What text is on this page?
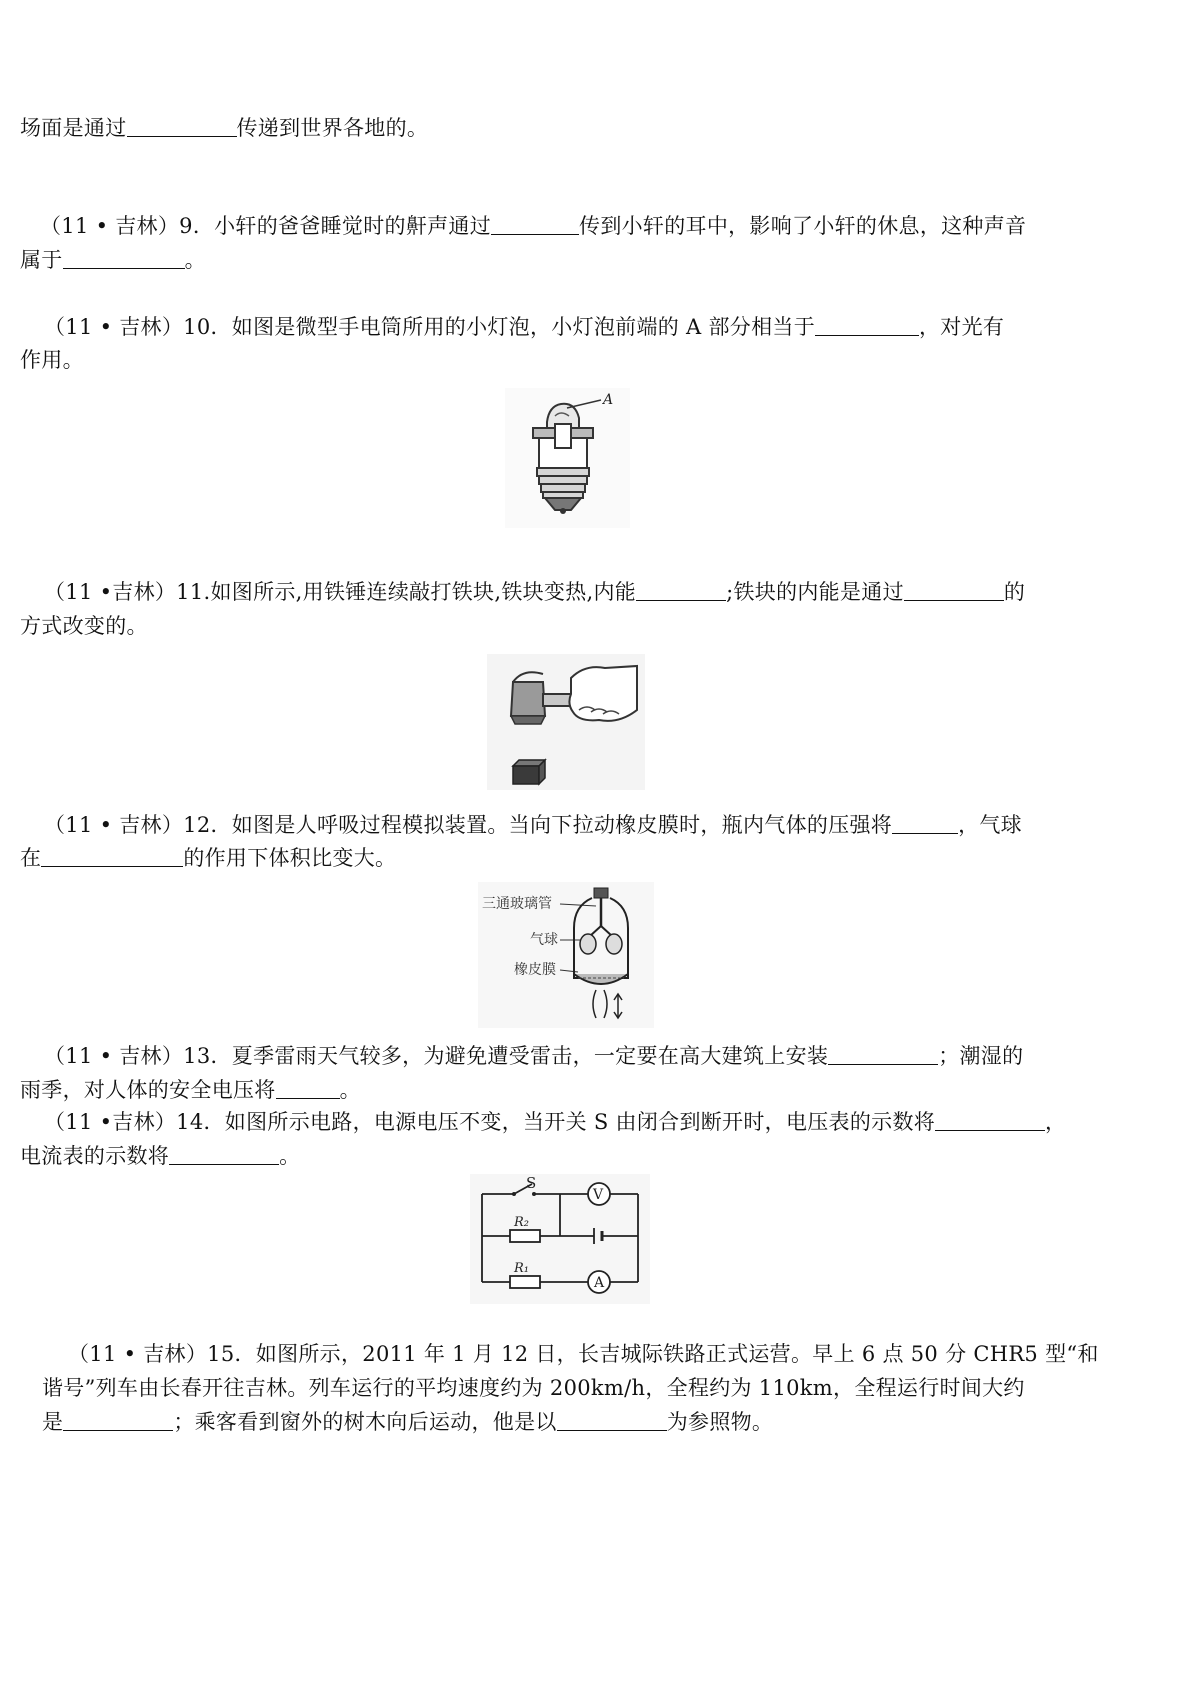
场面是通过	传递到世界各地的。
（11 • 吉林）9．小轩的爸爸睡觉时的鼾声通过	传到小轩的耳中，影响了小轩的休息，这种声音
属于	。
（11 • 吉林）10．如图是微型手电筒所用的小灯泡，小灯泡前端的 A 部分相当于	，对光有
作用。
A
（11 •吉林）11.如图所示,用铁锤连续敲打铁块,铁块变热,内能	;铁块的内能是通过	的
方式改变的。
（11 • 吉林）12．如图是人呼吸过程模拟装置。当向下拉动橡皮膜时，瓶内气体的压强将	，气球
在	的作用下体积比变大。
三通玻璃管
气球
橡皮膜
（11 • 吉林）13．夏季雷雨天气较多，为避免遭受雷击，一定要在高大建筑上安装	；潮湿的
雨季，对人体的安全电压将	。
（11 •吉林）14．如图所示电路，电源电压不变，当开关 S 由闭合到断开时，电压表的示数将	，
电流表的示数将	。
S
V
R₂
R₁
A
（11 • 吉林）15．如图所示，2011 年 1 月 12 日，长吉城际铁路正式运营。早上 6 点 50 分 CHR5 型“和
谐号”列车由长春开往吉林。列车运行的平均速度约为 200km/h，全程约为 110km，全程运行时间大约
是	；乘客看到窗外的树木向后运动，他是以	为参照物。
